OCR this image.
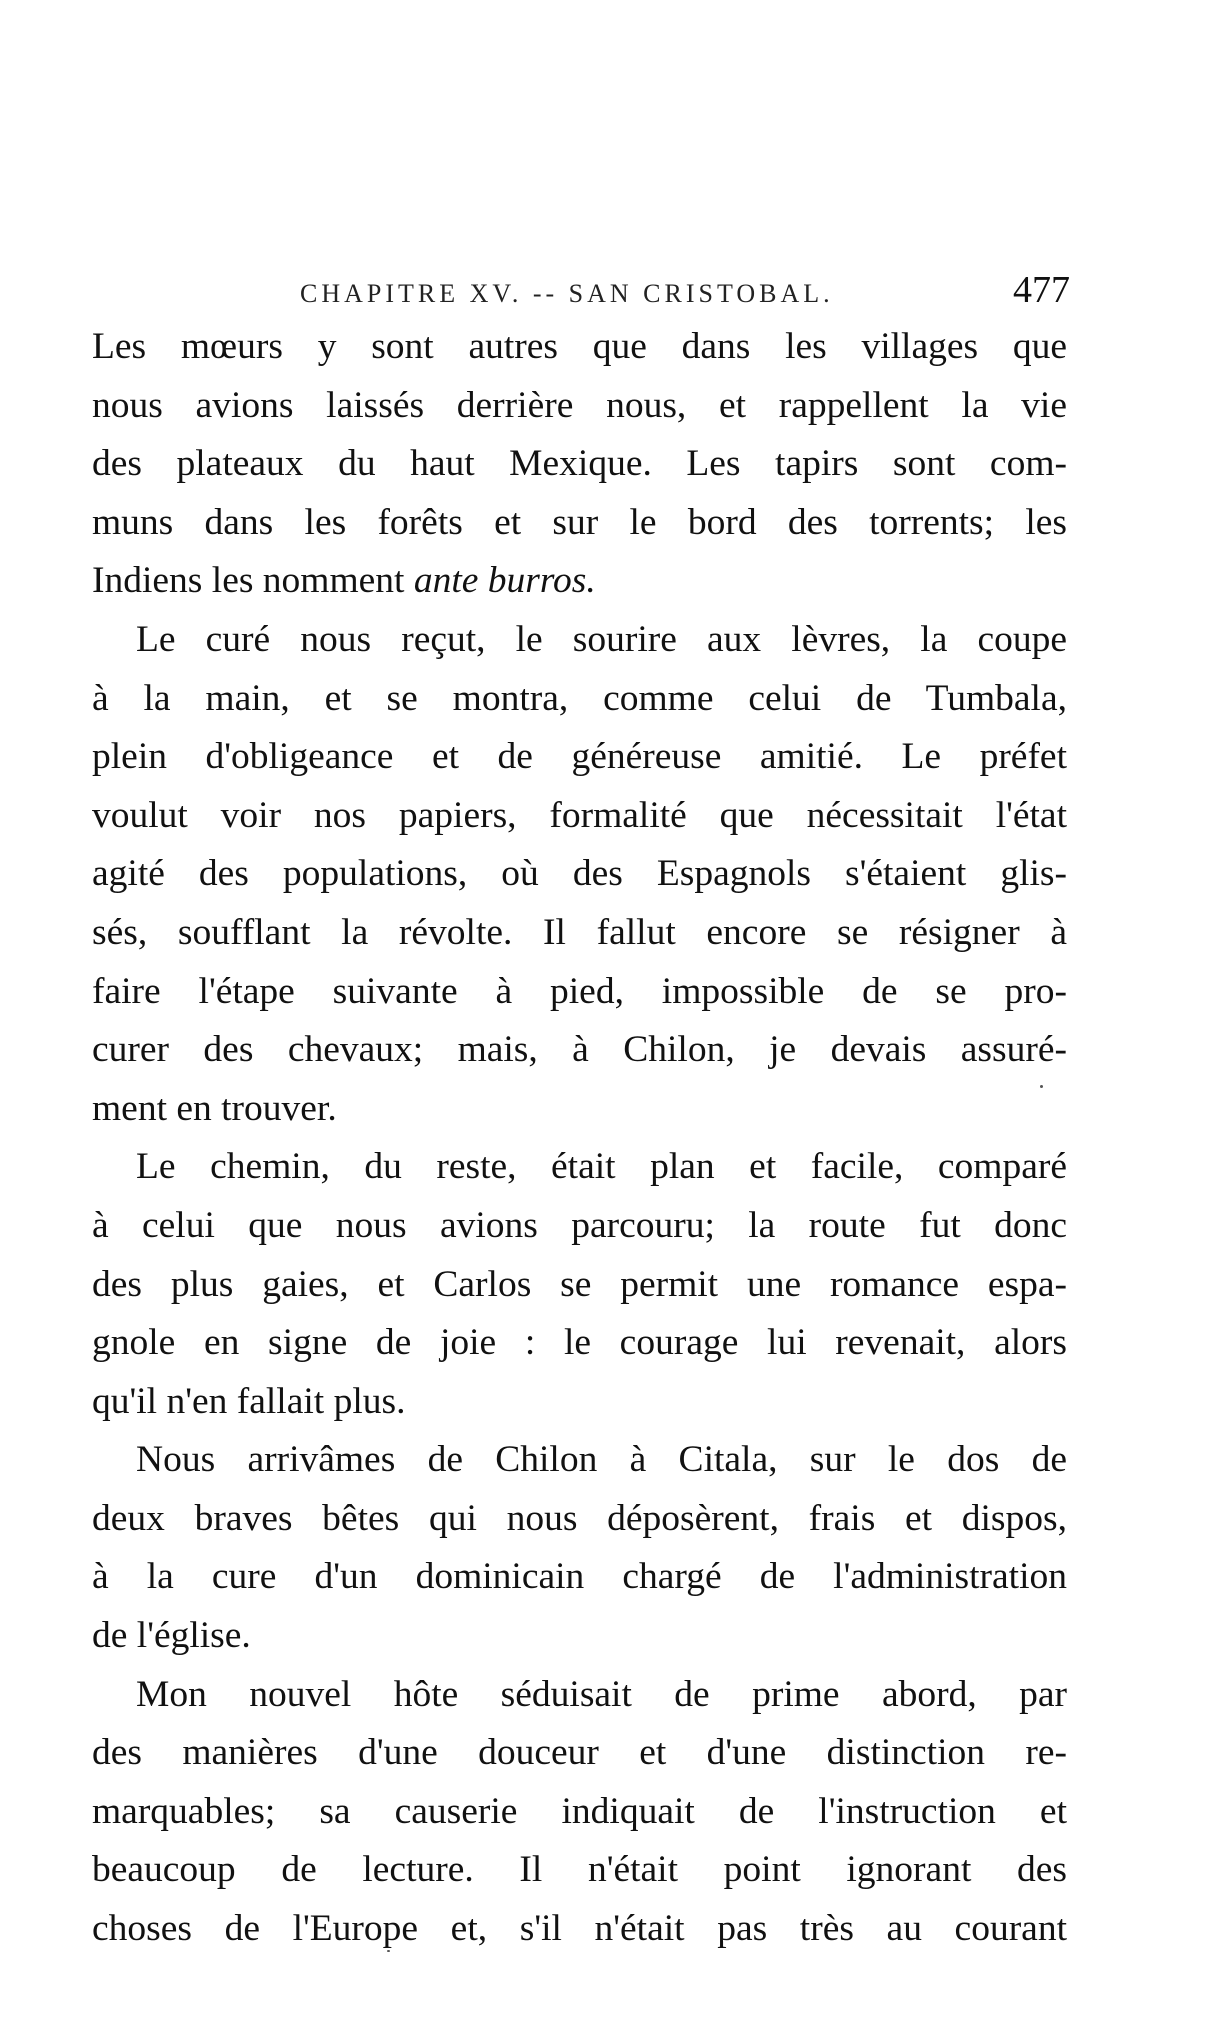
CHAPITRE XV. -- SAN CRISTOBAL.	477
Les mœurs y sont autres que dans les villages que
nous avions laissés derrière nous, et rappellent la vie
des plateaux du haut Mexique. Les tapirs sont com-
muns dans les forêts et sur le bord des torrents; les
Indiens les nomment ante burros.
Le curé nous reçut, le sourire aux lèvres, la coupe
à la main, et se montra, comme celui de Tumbala,
plein d'obligeance et de généreuse amitié. Le préfet
voulut voir nos papiers, formalité que nécessitait l'état
agité des populations, où des Espagnols s'étaient glis-
sés, soufflant la révolte. Il fallut encore se résigner à
faire l'étape suivante à pied, impossible de se pro-
curer des chevaux; mais, à Chilon, je devais assuré-
ment en trouver.
Le chemin, du reste, était plan et facile, comparé
à celui que nous avions parcouru; la route fut donc
des plus gaies, et Carlos se permit une romance espa-
gnole en signe de joie : le courage lui revenait, alors
qu'il n'en fallait plus.
Nous arrivâmes de Chilon à Citala, sur le dos de
deux braves bêtes qui nous déposèrent, frais et dispos,
à la cure d'un dominicain chargé de l'administration
de l'église.
Mon nouvel hôte séduisait de prime abord, par
des manières d'une douceur et d'une distinction re-
marquables; sa causerie indiquait de l'instruction et
beaucoup de lecture. Il n'était point ignorant des
choses de l'Europe et, s'il n'était pas très au courant
